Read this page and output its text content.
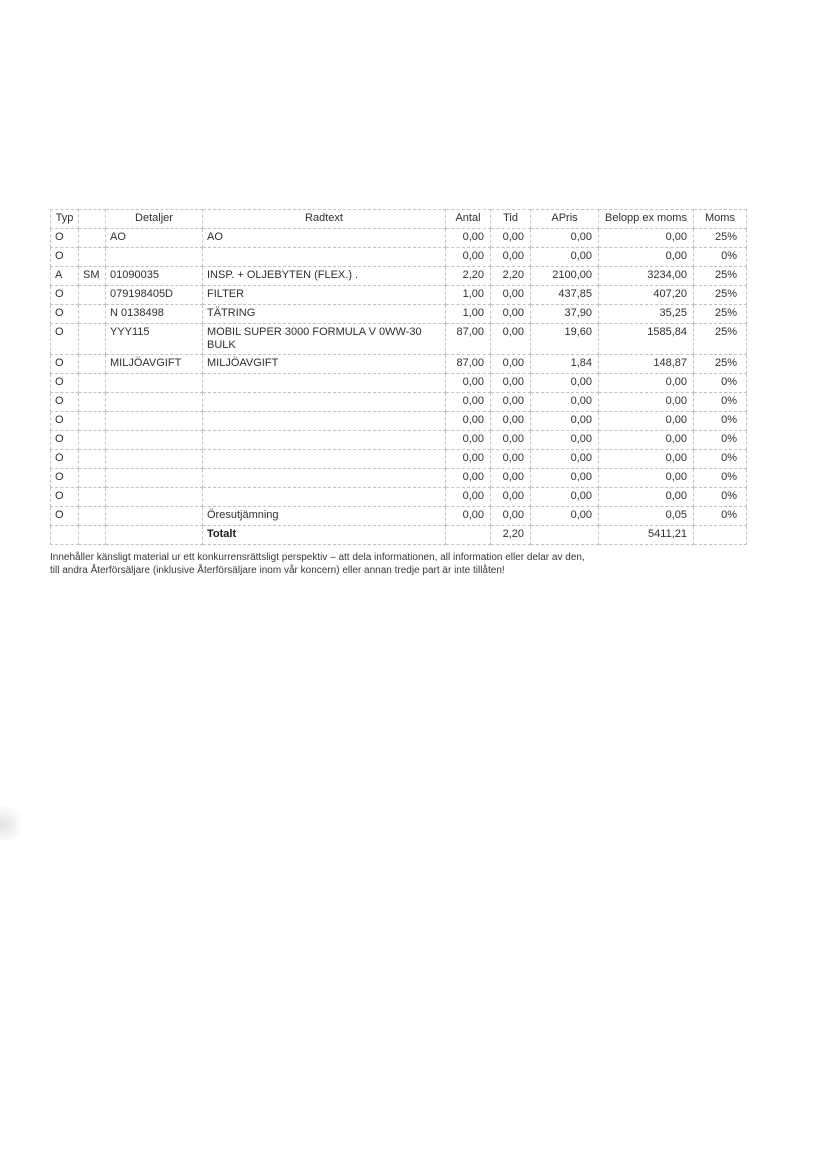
Typ		Detaljer	Radtext	Antal	Tid	APris	Belopp ex moms	Moms
O		AO	AO	0,00	0,00	0,00	0,00	25%
O				0,00	0,00	0,00	0,00	0%
A	SM	01090035	INSP. + OLJEBYTEN (FLEX.) .	2,20	2,20	2100,00	3234,00	25%
O		079198405D	FILTER	1,00	0,00	437,85	407,20	25%
O		N 0138498	TÄTRING	1,00	0,00	37,90	35,25	25%
O		YYY115	MOBIL SUPER 3000 FORMULA V 0WW-30 BULK	87,00	0,00	19,60	1585,84	25%
O		MILJÖAVGIFT	MILJÖAVGIFT	87,00	0,00	1,84	148,87	25%
O				0,00	0,00	0,00	0,00	0%
O				0,00	0,00	0,00	0,00	0%
O				0,00	0,00	0,00	0,00	0%
O				0,00	0,00	0,00	0,00	0%
O				0,00	0,00	0,00	0,00	0%
O				0,00	0,00	0,00	0,00	0%
O				0,00	0,00	0,00	0,00	0%
O			Öresutjämning	0,00	0,00	0,00	0,05	0%
			Totalt		2,20		5411,21	

Innehåller känsligt material ur ett konkurrensrättsligt perspektiv – att dela informationen, all information eller delar av den,
till andra Återförsäljare (inklusive Återförsäljare inom vår koncern) eller annan tredje part är inte tillåten!
